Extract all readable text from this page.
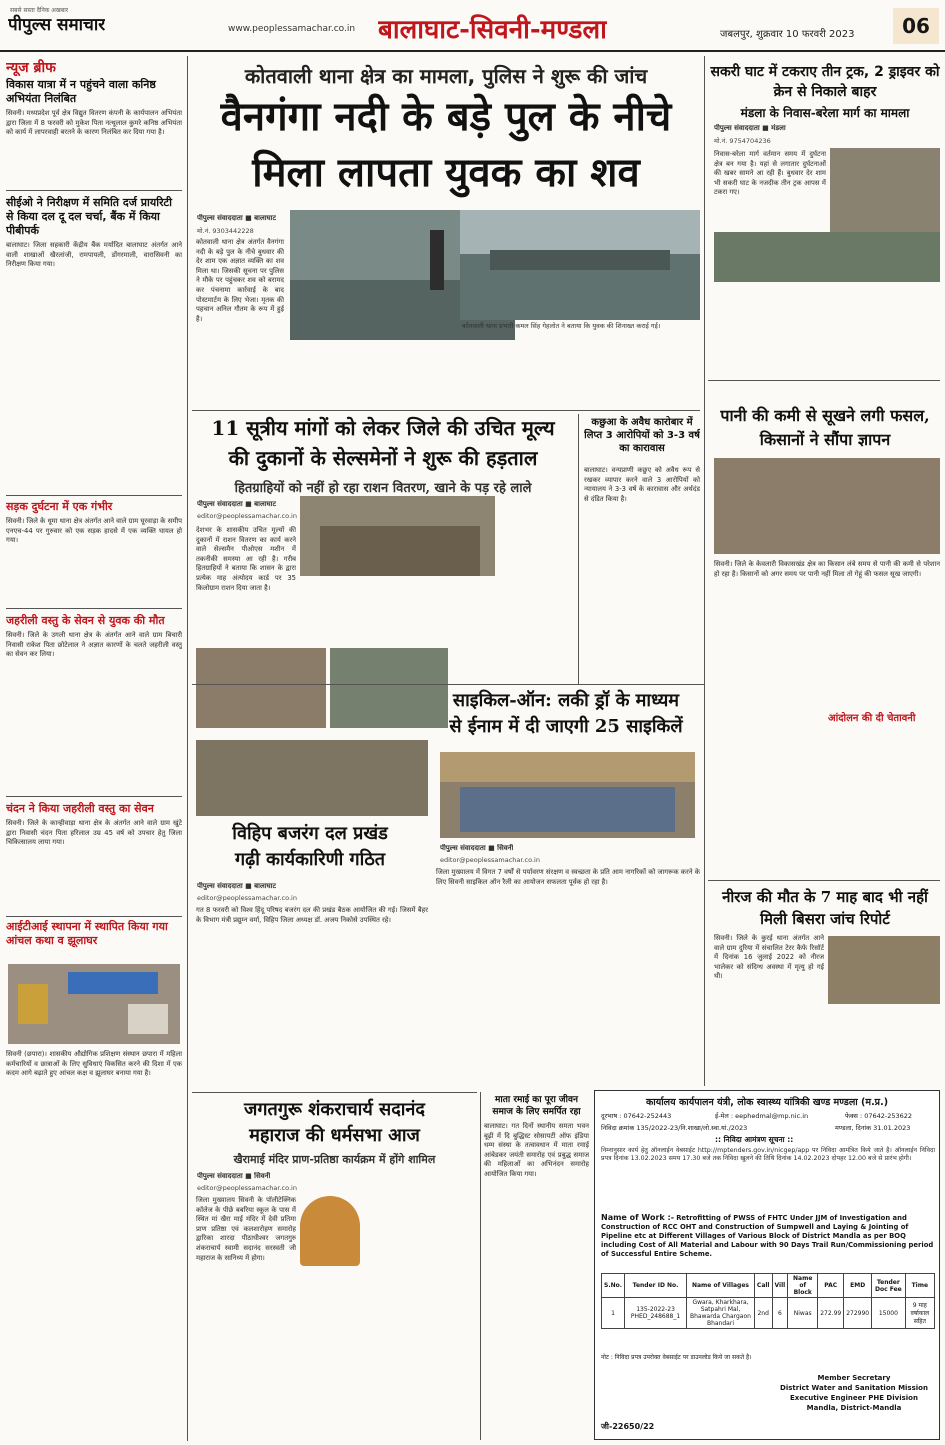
सबसे सस्ता दैनिक अखबार
पीपुल्स समाचार	www.peoplessamachar.co.in बालाघाट-सिवनी-मण्डला	जबलपुर, शुक्रवार 10 फरवरी 2023	06
न्यूज ब्रीफ
विकास यात्रा में न पहुंचने वाला कनिष्ठ अभियंता निलंबित
सिवनी। मध्यप्रदेश पूर्व क्षेत्र विद्युत वितरण कंपनी के कार्यपालन अभियंता द्वारा जिला में 8 फरवरी को मुकेश पिता नत्थूलाल कुमरे कनिष्ठ अभियंता को कार्य में लापरवाही बरतने के कारण निलंबित कर दिया गया है।
सीईओ ने निरीक्षण में समिति दर्ज प्रायरिटी से किया दल दू दल चर्चा, बैंक में किया पीबीपर्क
बालाघाट। जिला सहकारी केंद्रीय बैंक मर्यादित बालाघाट अंतर्गत आने वाली शाखाओं खैरलांजी, रामपायली, डोंगरमाली, वारासिवनी का निरीक्षण किया गया।
सड़क दुर्घटना में एक गंभीर
सिवनी। जिले के धूमा थाना क्षेत्र अंतर्गत आने वाले ग्राम घूरवाड़ा के समीप एनएच-44 पर गुरुवार को एक सड़क हादसे में एक व्यक्ति घायल हो गया।
जहरीली वस्तु के सेवन से युवक की मौत
सिवनी। जिले के उगली थाना क्षेत्र के अंतर्गत आने वाले ग्राम बिचारी निवासी राकेश पिता छोटेलाल ने अज्ञात कारणों के चलते जहरीली वस्तु का सेवन कर लिया।
चंदन ने किया जहरीली वस्तु का सेवन
सिवनी। जिले के कान्हीवाड़ा थाना क्षेत्र के अंतर्गत आने वाले ग्राम खुंटे द्वारा निवासी चंदन पिता हरिलाल उम्र 45 वर्ष को उपचार हेतु जिला चिकित्सालय लाया गया।
आईटीआई स्थापना में स्थापित किया गया आंचल कथा व झूलाघर
सिवनी (छपारा)। शासकीय औद्योगिक प्रशिक्षण संस्थान छपारा में महिला कर्मचारियों व छात्राओं के लिए सुविधाएं विकसित करने की दिशा में एक कदम आगे बढ़ाते हुए आंचल कक्ष व झूलाघर बनाया गया है।
कोतवाली थाना क्षेत्र का मामला, पुलिस ने शुरू की जांच
वैनगंगा नदी के बड़े पुल के नीचे
मिला लापता युवक का शव
पीपुल्स संवाददाता ■ बालाघाट
मो.नं. 9303442228
कोतवाली थाना क्षेत्र अंतर्गत वैनगंगा नदी के बड़े पुल के नीचे बुधवार की देर शाम एक अज्ञात व्यक्ति का शव मिला था। जिसकी सूचना पर पुलिस ने मौके पर पहुंचकर शव को बरामद कर पंचनामा कार्रवाई के बाद पोस्टमार्टम के लिए भेजा। मृतक की पहचान अनिल गौतम के रूप में हुई है।
कोतवाली थाना प्रभारी कमल सिंह गेहलोत ने बताया कि युवक की शिनाख्त कराई गई।
11 सूत्रीय मांगों को लेकर जिले की उचित मूल्य
की दुकानों के सेल्समेनों ने शुरू की हड़ताल
हितग्राहियों को नहीं हो रहा राशन वितरण, खाने के पड़ रहे लाले
पीपुल्स संवाददाता ■ बालाघाट
editor@peoplessamachar.co.in
देशभर के शासकीय उचित मूल्यों की दुकानों में राशन वितरण का कार्य करने वाले सेल्समैन पीओएस मशीन में तकनीकी समस्या आ रही है। गरीब हितग्राहियों ने बताया कि शासन के द्वारा प्रत्येक माह अंत्योदय कार्ड पर 35 किलोग्राम राशन दिया जाता है।
कछुआ के अवैध कारोबार में लिप्त 3 आरोपियों को 3-3 वर्ष का कारावास
बालाघाट। वन्यप्राणी कछुए को अवैध रूप से रखकर व्यापार करने वाले 3 आरोपियों को न्यायालय ने 3-3 वर्ष के कारावास और अर्थदंड से दंडित किया है।
साइकिल-ऑन: लकी ड्रॉ के माध्यम
से ईनाम में दी जाएगी 25 साइकिलें
पीपुल्स संवाददाता ■ सिवनी
editor@peoplessamachar.co.in
जिला मुख्यालय में विगत 7 वर्षों से पर्यावरण संरक्षण व स्वच्छता के प्रति आम नागरिकों को जागरूक करने के लिए सिवनी साइकिल ऑन रैली का आयोजन सफलता पूर्वक हो रहा है।
विहिप बजरंग दल प्रखंड
गढ़ी कार्यकारिणी गठित
पीपुल्स संवाददाता ■ बालाघाट
editor@peoplessamachar.co.in
गत 8 फरवरी को विश्व हिंदू परिषद बजरंग दल की प्रखंड बैठक आयोजित की गई। जिसमें बैहर के विभाग मंत्री प्रद्युम्न वर्मा, विहिप जिला अध्यक्ष डॉ. अजय निकोसे उपस्थित रहे।
सकरी घाट में टकराए तीन ट्रक, 2 ड्राइवर को क्रेन से निकाले बाहर
मंडला के निवास-बरेला मार्ग का मामला
पीपुल्स संवाददाता ■ मंडला
मो.नं. 9754704236
निवास-बरेला मार्ग वर्तमान समय में दुर्घटना क्षेत्र बन गया है। यहां से लगातार दुर्घटनाओं की खबर सामने आ रही हैं। बुधवार देर शाम भी सकरी घाट के नजदीक तीन ट्रक आपस में टकरा गए।
पानी की कमी से सूखने लगी फसल, किसानों ने सौंपा ज्ञापन
सिवनी। जिले के केवलारी विकासखंड क्षेत्र का किसान लंबे समय से पानी की कमी से परेशान हो रहा है। किसानों को अगर समय पर पानी नहीं मिला तो गेहूं की फसल सूख जाएगी।
आंदोलन की दी चेतावनी
नीरज की मौत के 7 माह बाद भी नहीं मिली बिसरा जांच रिपोर्ट
सिवनी। जिले के कुरई थाना अंतर्गत आने वाले ग्राम दुरिया में संचालित टेरर कैफे रिसॉर्ट में दिनांक 16 जुलाई 2022 को नीरज भालेकर को संदिग्ध अवस्था में मृत्यु हो गई थी।
जगतगुरू शंकराचार्य सदानंद
महाराज की धर्मसभा आज
खैरामाई मंदिर प्राण-प्रतिष्ठा कार्यक्रम में होंगे शामिल
पीपुल्स संवाददाता ■ सिवनी
editor@peoplessamachar.co.in
जिला मुख्यालय सिवनी के पॉलीटेक्निक कॉलेज के पीछे बबरिया स्कूल के पास में स्थित मां खैरा माई मंदिर में देवी प्रतिमा प्राण प्रतिष्ठा एवं कलशारोहण समारोह द्वारिका शारदा पीठाधीश्वर जगतगुरु शंकराचार्य स्वामी सदानंद सरस्वती जी महाराज के सानिध्य में होगा।
माता रमाई का पूरा जीवन समाज के लिए समर्पित रहा
बालाघाट। गत दिनों स्थानीय समता भवन बूढ़ी में दि बुद्धिस्ट सोसायटी ऑफ इंडिया धम्म संस्था के तत्वावधान में माता रमाई आंबेडकर जयंती समारोह एवं प्रबुद्ध समाज की महिलाओं का अभिनंदन समारोह आयोजित किया गया।
कार्यालय कार्यपालन यंत्री, लोक स्वास्थ्य यांत्रिकी खण्ड मण्डला (म.प्र.)
दूरभाष : 07642-252443	ई-मेल : eephedmal@mp.nic.in	फेक्स : 07642-253622
निविदा क्रमांक 135/2022-23/नि.शाखा/लो.स्वा.यां./2023	मण्डला, दिनांक 31.01.2023
:: निविदा आमंत्रण सूचना ::
निम्नानुसार कार्य हेतु ऑनलाईन वेबसाईट http://mptenders.gov.in/nicgep/app पर निविदा आमंत्रित किये जाते है। ऑनलाईन निविदा प्रपत्र दिनांक 13.02.2023 समय 17.30 बजे तक निविदा खुलने की तिथि दिनांक 14.02.2023 दोपहर 12.00 बजे से प्रारंभ होगी।
Name of Work :- Retrofitting of PWSS of FHTC Under JJM of Investigation and Construction of RCC OHT and Construction of Sumpwell and Laying & Jointing of Pipeline etc at Different Villages of Various Block of District Mandla as per BOQ including Cost of All Material and Labour with 90 Days Trail Run/Commissioning period of Successful Entire Scheme.
S.No.	Tender ID No.	Name of Villages	Call	Vill	Name of Block	PAC	EMD	Tender Doc Fee	Time
1	135-2022-23 PHED_248688_1	Gwara, Kharkhara, Satpahri Mal, Bhawarda Chargaon Bhandari	2nd	6	Niwas	272.99	272990	15000	9 माह वर्षाकाल सहित
नोट : निविदा प्रपत्र उपरोक्त वेबसाईट पर डाउनलोड किये जा सकते है।
जी-22650/22
Member Secretary
District Water and Sanitation Mission
Executive Engineer PHE Division
Mandla, District-Mandla
